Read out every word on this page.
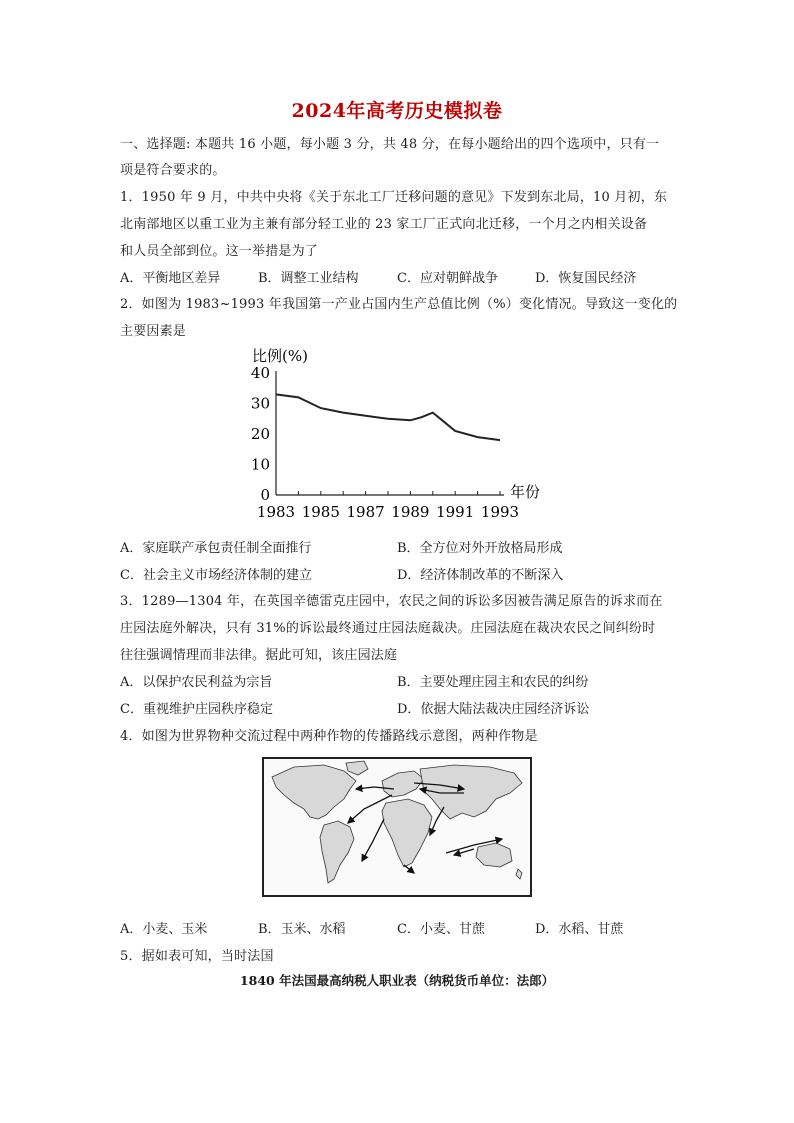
2024年高考历史模拟卷
一、选择题: 本题共 16 小题，每小题 3 分，共 48 分，在每小题给出的四个选项中，只有一
项是符合要求的。
1．1950 年 9 月，中共中央将《关于东北工厂迁移问题的意见》下发到东北局，10 月初，东
北南部地区以重工业为主兼有部分轻工业的 23 家工厂正式向北迁移，一个月之内相关设备
和人员全部到位。这一举措是为了
A．平衡地区差异	B．调整工业结构	C．应对朝鲜战争	D．恢复国民经济
2．如图为 1983~1993 年我国第一产业占国内生产总值比例（%）变化情况。导致这一变化的
主要因素是
比例(%)
年份
0
10
20
30
40
1983 1985 1987 1989 1991 1993
A．家庭联产承包责任制全面推行	B．全方位对外开放格局形成
C．社会主义市场经济体制的建立	D．经济体制改革的不断深入
3．1289—1304 年，在英国辛德雷克庄园中，农民之间的诉讼多因被告满足原告的诉求而在
庄园法庭外解决，只有 31%的诉讼最终通过庄园法庭裁决。庄园法庭在裁决农民之间纠纷时
往往强调情理而非法律。据此可知，该庄园法庭
A．以保护农民利益为宗旨	B．主要处理庄园主和农民的纠纷
C．重视维护庄园秩序稳定	D．依据大陆法裁决庄园经济诉讼
4．如图为世界物种交流过程中两种作物的传播路线示意图，两种作物是
A．小麦、玉米	B．玉米、水稻	C．小麦、甘蔗	D．水稻、甘蔗
5．据如表可知，当时法国
1840 年法国最高纳税人职业表（纳税货币单位：法郎）
